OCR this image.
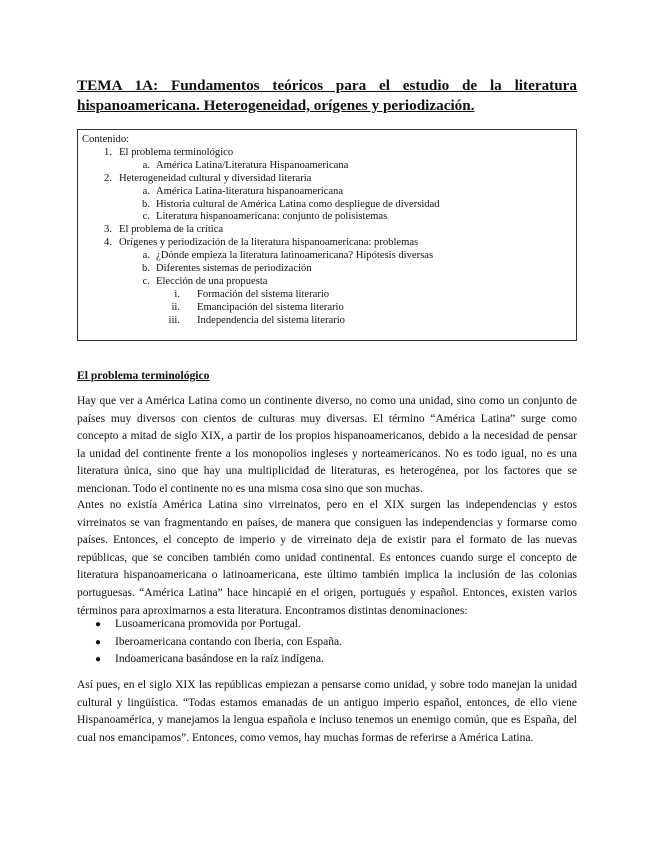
TEMA 1A: Fundamentos teóricos para el estudio de la literatura hispanoamericana. Heterogeneidad, orígenes y periodización.
Contenido:
1. El problema terminológico
a. América Latina/Literatura Hispanoamericana
2. Heterogeneidad cultural y diversidad literaria
a. América Latina-literatura hispanoamericana
b. Historia cultural de América Latina como despliegue de diversidad
c. Literatura hispanoamericana: conjunto de polisistemas
3. El problema de la crítica
4. Orígenes y periodización de la literatura hispanoamericana: problemas
a. ¿Dónde empieza la literatura latinoamericana? Hipótesis diversas
b. Diferentes sistemas de periodización
c. Elección de una propuesta
i. Formación del sistema literario
ii. Emancipación del sistema literario
iii. Independencia del sistema literario
El problema terminológico

Hay que ver a América Latina como un continente diverso, no como una unidad, sino como un conjunto de países muy diversos con cientos de culturas muy diversas. El término “América Latina” surge como concepto a mitad de siglo XIX, a partir de los propios hispanoamericanos, debido a la necesidad de pensar la unidad del continente frente a los monopolios ingleses y norteamericanos. No es todo igual, no es una literatura única, sino que hay una multiplicidad de literaturas, es heterogénea, por los factores que se mencionan. Todo el continente no es una misma cosa sino que son muchas.

Antes no existía América Latina sino virreinatos, pero en el XIX surgen las independencias y estos virreinatos se van fragmentando en países, de manera que consiguen las independencias y formarse como países. Entonces, el concepto de imperio y de virreinato deja de existir para el formato de las nuevas repúblicas, que se conciben también como unidad continental. Es entonces cuando surge el concepto de literatura hispanoamericana o latinoamericana, este último también implica la inclusión de las colonias portuguesas. “América Latina” hace hincapié en el origen, portugués y español. Entonces, existen varios términos para aproximarnos a esta literatura. Encontramos distintas denominaciones:

● Lusoamericana promovida por Portugal.
● Iberoamericana contando con Iberia, con España.
● Indoamericana basándose en la raíz indígena.

Así pues, en el siglo XIX las repúblicas empiezan a pensarse como unidad, y sobre todo manejan la unidad cultural y lingüística. “Todas estamos emanadas de un antiguo imperio español, entonces, de ello viene Hispanoamérica, y manejamos la lengua española e incluso tenemos un enemigo común, que es España, del cual nos emancipamos”. Entonces, como vemos, hay muchas formas de referirse a América Latina.
